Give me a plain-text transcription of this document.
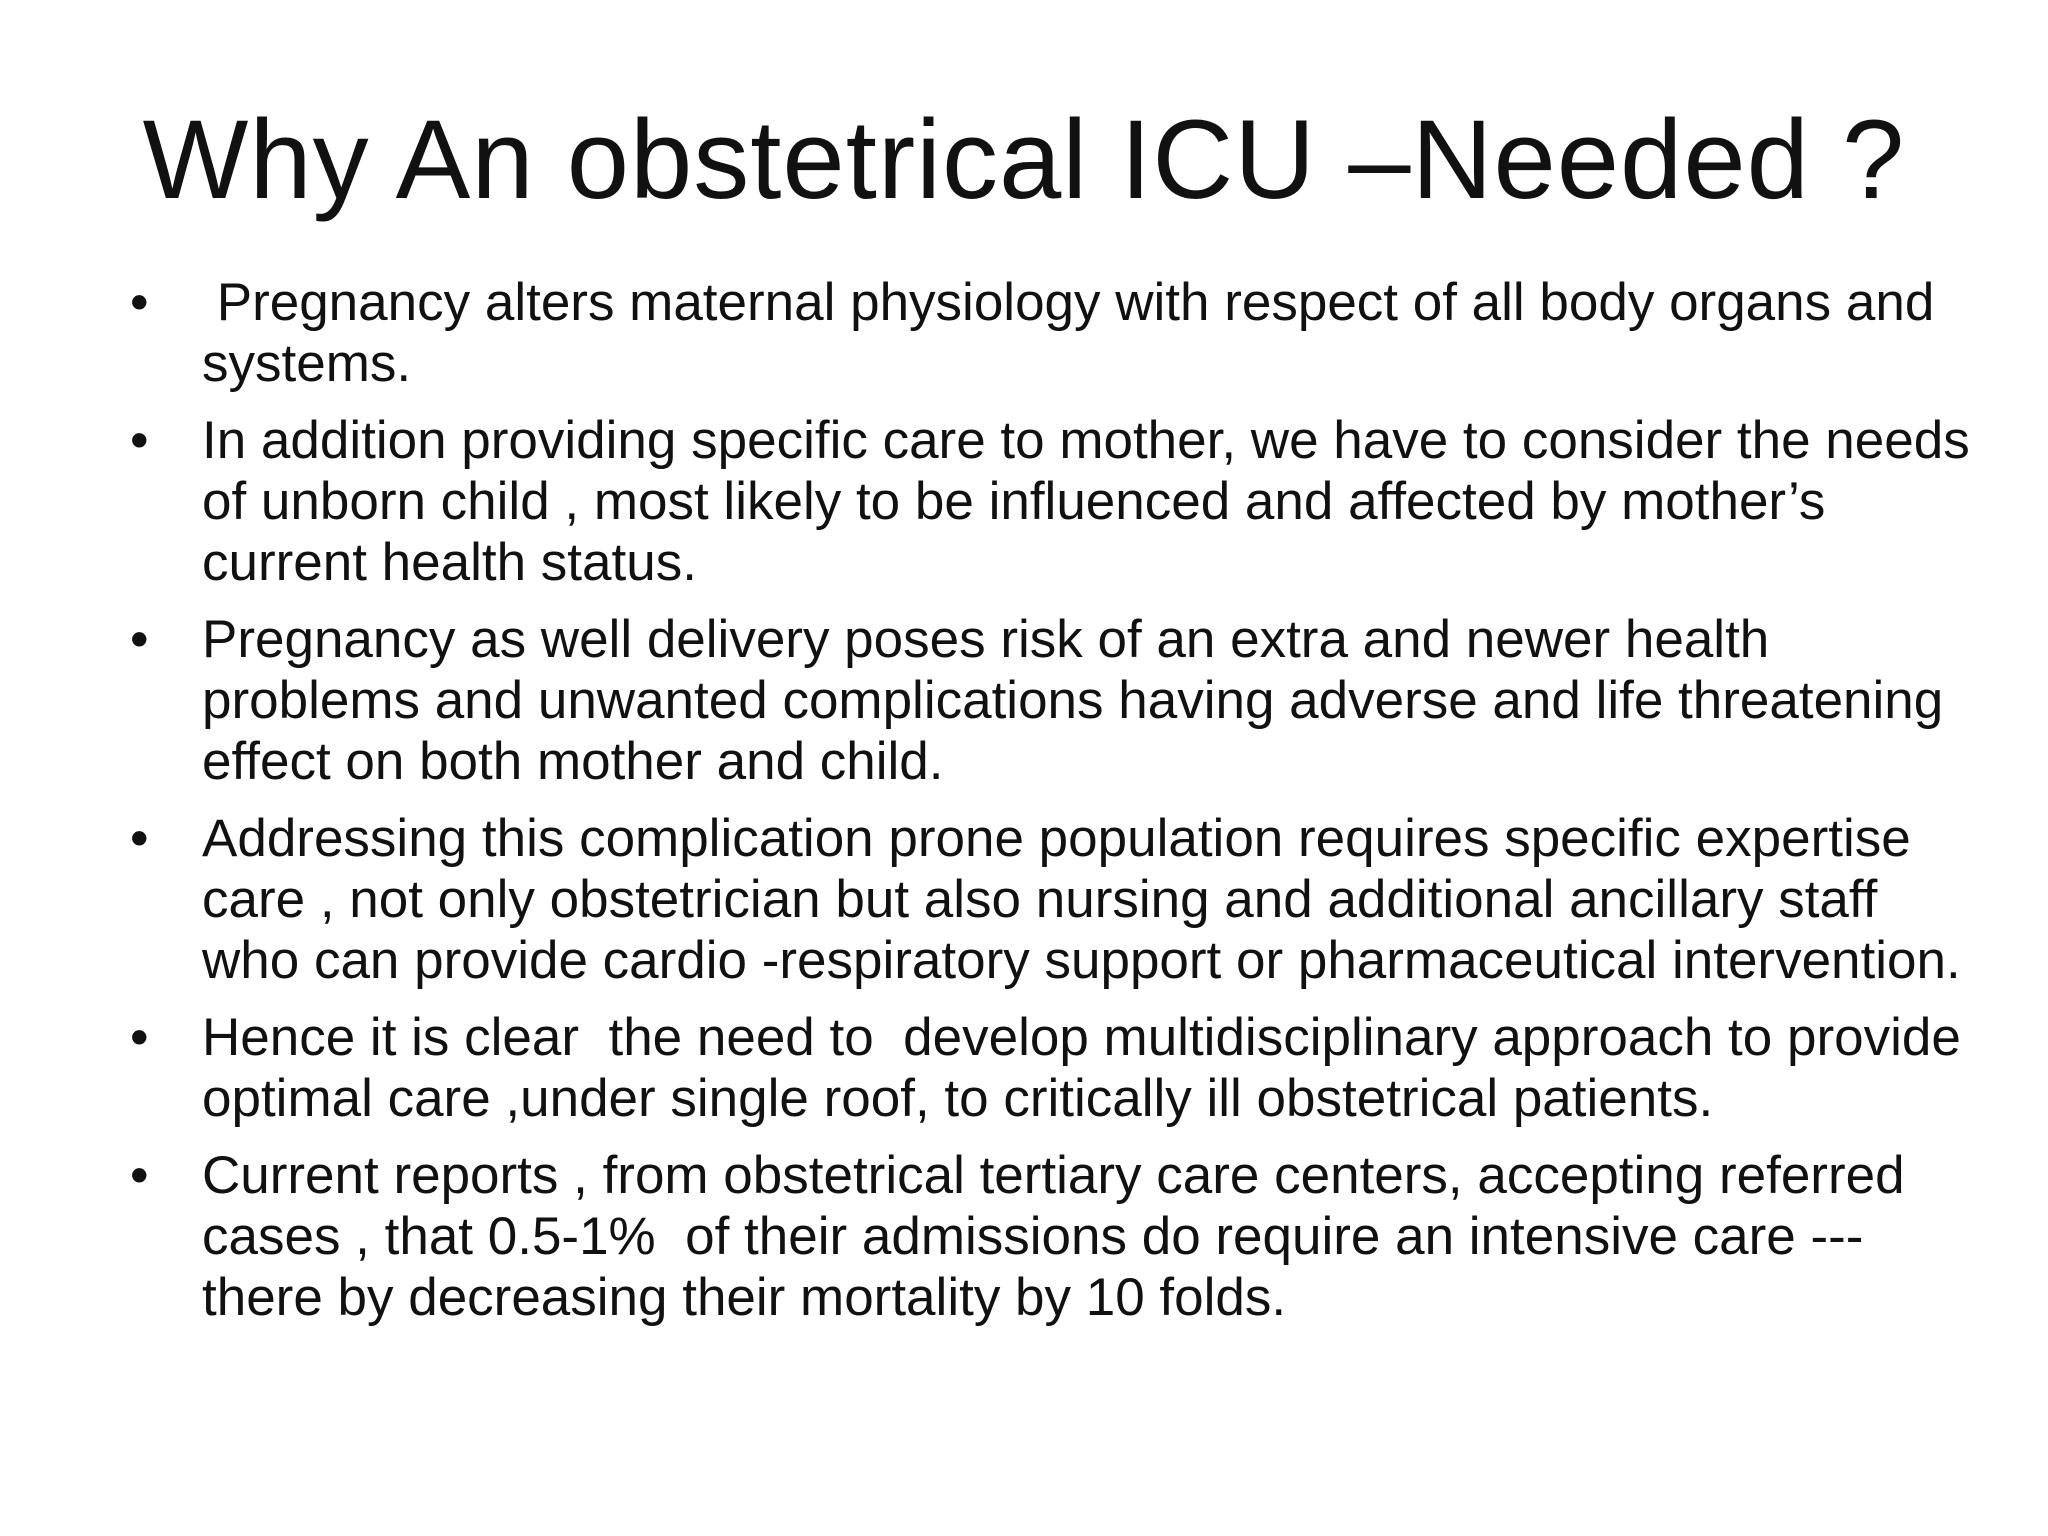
Why An obstetrical ICU –Needed ?
•	Pregnancy alters maternal physiology with respect of all body organs and systems.
•	In addition providing specific care to mother, we have to consider the needs of unborn child , most likely to be influenced and affected by mother’s current health status.
•	Pregnancy as well delivery poses risk of an extra and newer health problems and unwanted complications having adverse and life threatening effect on both mother and child.
•	Addressing this complication prone population requires specific expertise care , not only obstetrician but also nursing and additional ancillary staff who can provide cardio -respiratory support or pharmaceutical intervention.
•	Hence it is clear  the need to  develop multidisciplinary approach to provide optimal care ,under single roof, to critically ill obstetrical patients.
•	Current reports , from obstetrical tertiary care centers, accepting referred cases , that 0.5-1%  of their admissions do require an intensive care ---there by decreasing their mortality by 10 folds.
